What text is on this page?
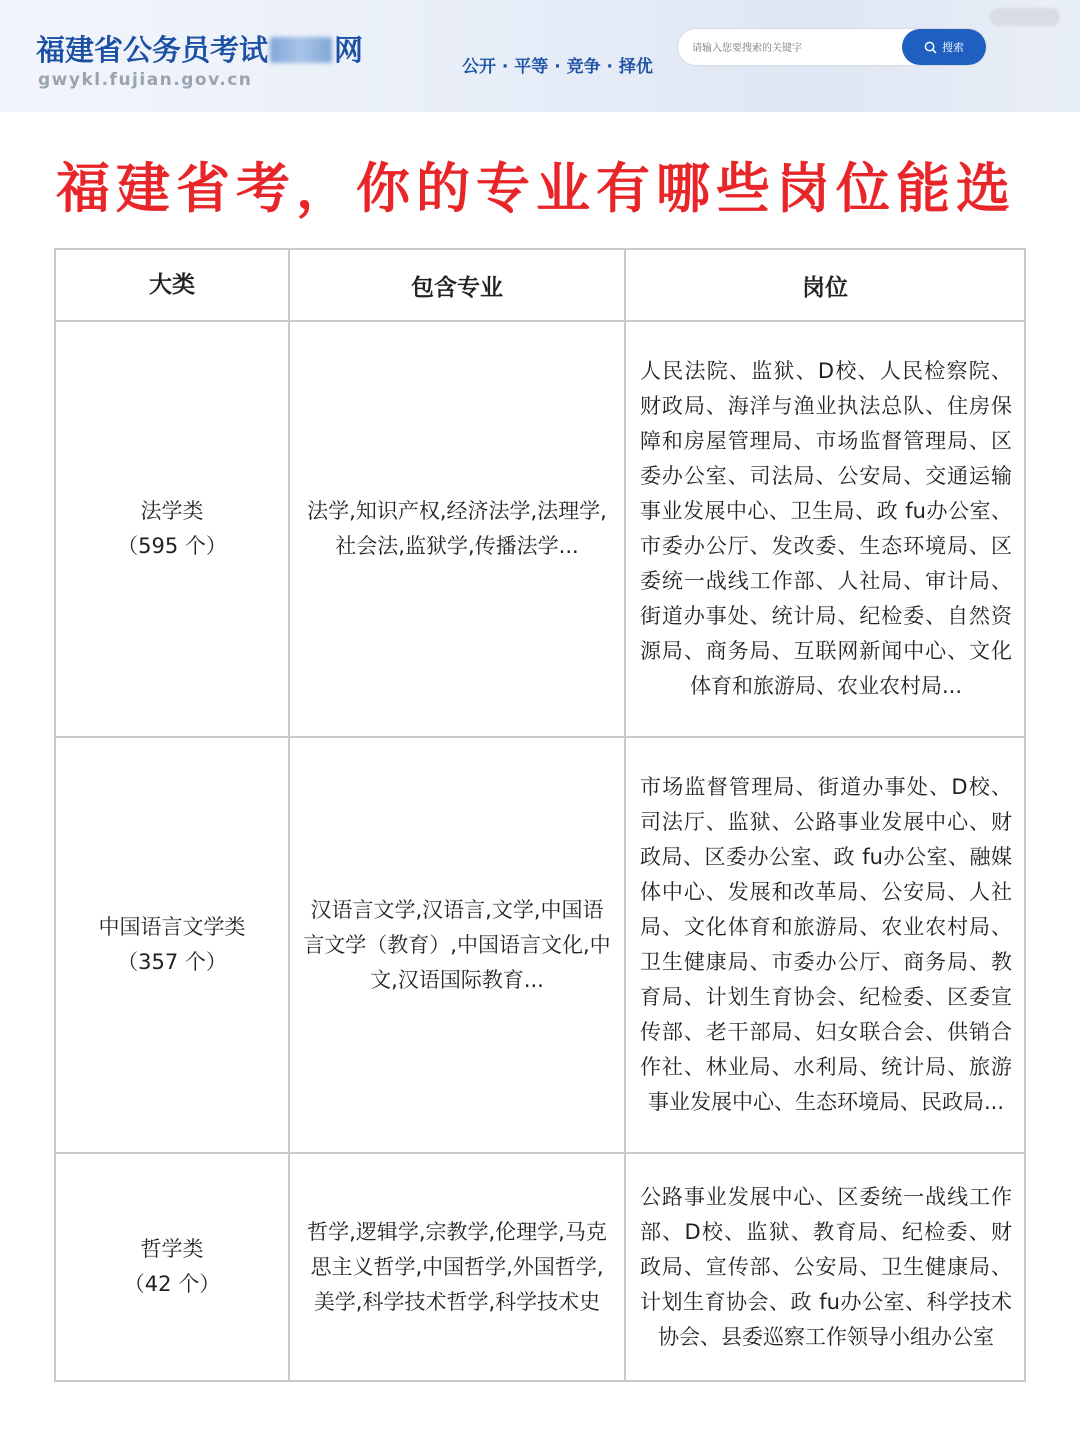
福建省公务员考试 网
gwykl.fujian.gov.cn
公开 · 平等 · 竞争 · 择优
请输入您要搜索的关键字
搜索
福建省考，你的专业有哪些岗位能选
大类	包含专业	岗位

法学类
（595 个）	法学,知识产权,经济法学,法理学,社会法,监狱学,传播法学...	人民法院、监狱、D校、人民检察院、财政局、海洋与渔业执法总队、住房保障和房屋管理局、市场监督管理局、区委办公室、司法局、公安局、交通运输事业发展中心、卫生局、政 fu办公室、市委办公厅、发改委、生态环境局、区委统一战线工作部、人社局、审计局、街道办事处、统计局、纪检委、自然资源局、商务局、互联网新闻中心、文化体育和旅游局、农业农村局...

中国语言文学类
（357 个）	汉语言文学,汉语言,文学,中国语言文学（教育）,中国语言文化,中文,汉语国际教育...	市场监督管理局、街道办事处、D校、司法厅、监狱、公路事业发展中心、财政局、区委办公室、政 fu办公室、融媒体中心、发展和改革局、公安局、人社局、文化体育和旅游局、农业农村局、卫生健康局、市委办公厅、商务局、教育局、计划生育协会、纪检委、区委宣传部、老干部局、妇女联合会、供销合作社、林业局、水利局、统计局、旅游事业发展中心、生态环境局、民政局...

哲学类
（42 个）	哲学,逻辑学,宗教学,伦理学,马克思主义哲学,中国哲学,外国哲学,美学,科学技术哲学,科学技术史	公路事业发展中心、区委统一战线工作部、D校、监狱、教育局、纪检委、财政局、宣传部、公安局、卫生健康局、计划生育协会、政 fu办公室、科学技术协会、县委巡察工作领导小组办公室
